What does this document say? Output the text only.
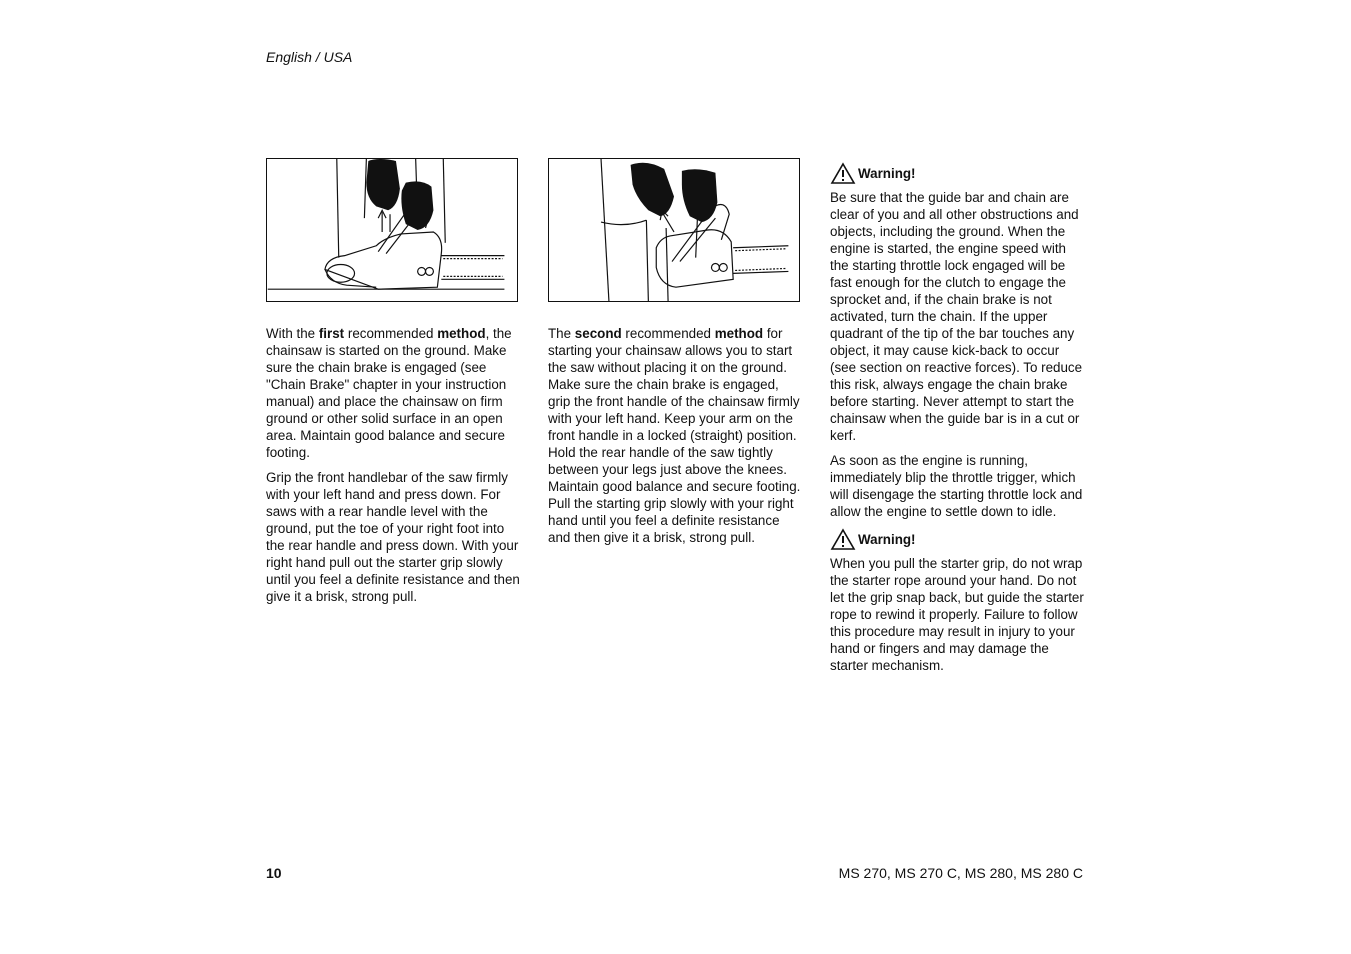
English / USA

With the first recommended method, the chainsaw is started on the ground. Make sure the chain brake is engaged (see "Chain Brake" chapter in your instruction manual) and place the chainsaw on firm ground or other solid surface in an open area. Maintain good balance and secure footing.

Grip the front handlebar of the saw firmly with your left hand and press down. For saws with a rear handle level with the ground, put the toe of your right foot into the rear handle and press down. With your right hand pull out the starter grip slowly until you feel a definite resistance and then give it a brisk, strong pull.

The second recommended method for starting your chainsaw allows you to start the saw without placing it on the ground. Make sure the chain brake is engaged, grip the front handle of the chainsaw firmly with your left hand. Keep your arm on the front handle in a locked (straight) position. Hold the rear handle of the saw tightly between your legs just above the knees. Maintain good balance and secure footing. Pull the starting grip slowly with your right hand until you feel a definite resistance and then give it a brisk, strong pull.

Warning!

Be sure that the guide bar and chain are clear of you and all other obstructions and objects, including the ground. When the engine is started, the engine speed with the starting throttle lock engaged will be fast enough for the clutch to engage the sprocket and, if the chain brake is not activated, turn the chain. If the upper quadrant of the tip of the bar touches any object, it may cause kick-back to occur (see section on reactive forces). To reduce this risk, always engage the chain brake before starting. Never attempt to start the chainsaw when the guide bar is in a cut or kerf.

As soon as the engine is running, immediately blip the throttle trigger, which will disengage the starting throttle lock and allow the engine to settle down to idle.

Warning!

When you pull the starter grip, do not wrap the starter rope around your hand. Do not let the grip snap back, but guide the starter rope to rewind it properly. Failure to follow this procedure may result in injury to your hand or fingers and may damage the starter mechanism.

10	MS 270, MS 270 C, MS 280, MS 280 C
